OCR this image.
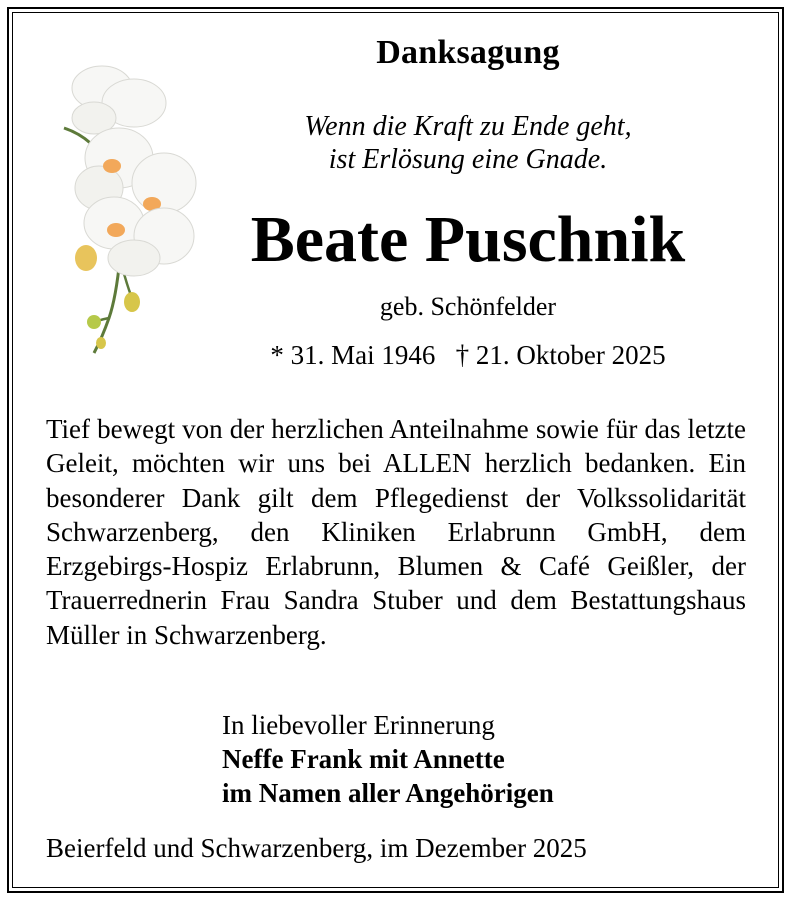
Danksagung
Wenn die Kraft zu Ende geht,
ist Erlösung eine Gnade.
Beate Puschnik
geb. Schönfelder
* 31. Mai 1946 † 21. Oktober 2025
Tief bewegt von der herzlichen Anteilnahme sowie für das letzte Geleit, möchten wir uns bei ALLEN herzlich bedanken. Ein besonderer Dank gilt dem Pflegedienst der Volkssolidarität Schwarzenberg, den Kliniken Erlabrunn GmbH, dem Erzgebirgs-Hospiz Erlabrunn, Blumen & Café Geißler, der Trauerrednerin Frau Sandra Stuber und dem Bestattungshaus Müller in Schwarzenberg.
In liebevoller Erinnerung
Neffe Frank mit Annette
im Namen aller Angehörigen
Beierfeld und Schwarzenberg, im Dezember 2025
